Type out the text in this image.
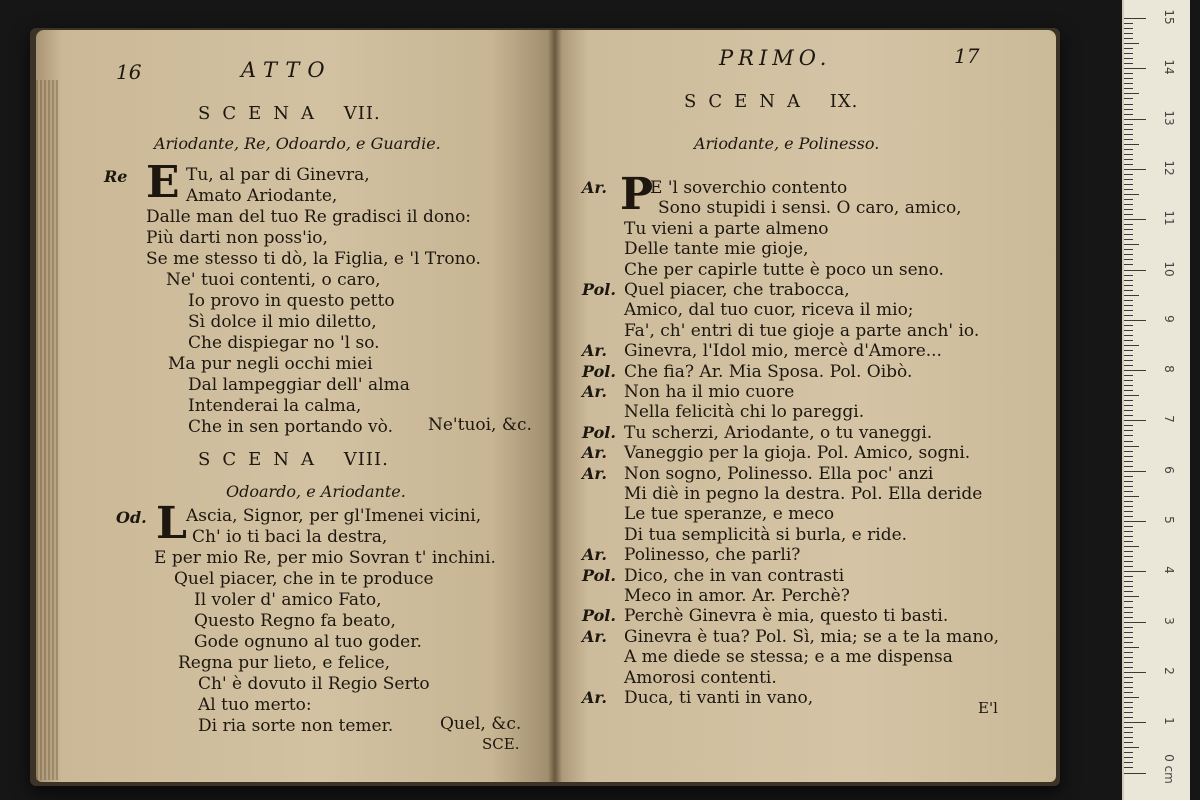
16	ATTO
SCENA VII.
Ariodante, Re, Odoardo, e Guardie.
Re E Tu, al par di Ginevra,
Amato Ariodante,
Dalle man del tuo Re gradisci il dono:
Più darti non poss'io,
Se me stesso ti dò, la Figlia, e 'l Trono.
Ne' tuoi contenti, o caro,
Io provo in questo petto
Sì dolce il mio diletto,
Che dispiegar no 'l so.
Ma pur negli occhi miei
Dal lampeggiar dell' alma
Intenderai la calma,
Che in sen portando vò. Ne'tuoi, &c.
SCENA VIII.
Odoardo, e Ariodante.
Od. L Ascia, Signor, per gl'Imenei vicini,
Ch' io ti baci la destra,
E per mio Re, per mio Sovran t' inchini.
Quel piacer, che in te produce
Il voler d' amico Fato,
Questo Regno fa beato,
Gode ognuno al tuo goder.
Regna pur lieto, e felice,
Ch' è dovuto il Regio Serto
Al tuo merto:
Di ria sorte non temer.	Quel, &c.
SCE.
PRIMO.	17
SCENA IX.
Ariodante, e Polinesso.
Ar. P
E 'l soverchio contento
Sono stupidi i sensi. O caro, amico,
Tu vieni a parte almeno
Delle tante mie gioje,
Che per capirle tutte è poco un seno.
Pol. Quel piacer, che trabocca,
Amico, dal tuo cuor, riceva il mio;
Fa', ch' entri di tue gioje a parte anch' io.
Ar. Ginevra, l'Idol mio, mercè d'Amore...
Pol. Che fia? Ar. Mia Sposa. Pol. Oibò.
Ar. Non ha il mio cuore
Nella felicità chi lo pareggi.
Pol. Tu scherzi, Ariodante, o tu vaneggi.
Ar. Vaneggio per la gioja. Pol. Amico, sogni.
Ar. Non sogno, Polinesso. Ella poc' anzi
Mi diè in pegno la destra. Pol. Ella deride
Le tue speranze, e meco
Di tua semplicità si burla, e ride.
Ar. Polinesso, che parli?
Pol. Dico, che in van contrasti
Meco in amor. Ar. Perchè?
Pol. Perchè Ginevra è mia, questo ti basti.
Ar. Ginevra è tua? Pol. Sì, mia; se a te la mano,
A me diede se stessa; e a me dispensa
Amorosi contenti.
Ar. Duca, ti vanti in vano,	E'l
0 cm
15
14
13
12
11
10
9
8
7
6
5
4
3
2
1
